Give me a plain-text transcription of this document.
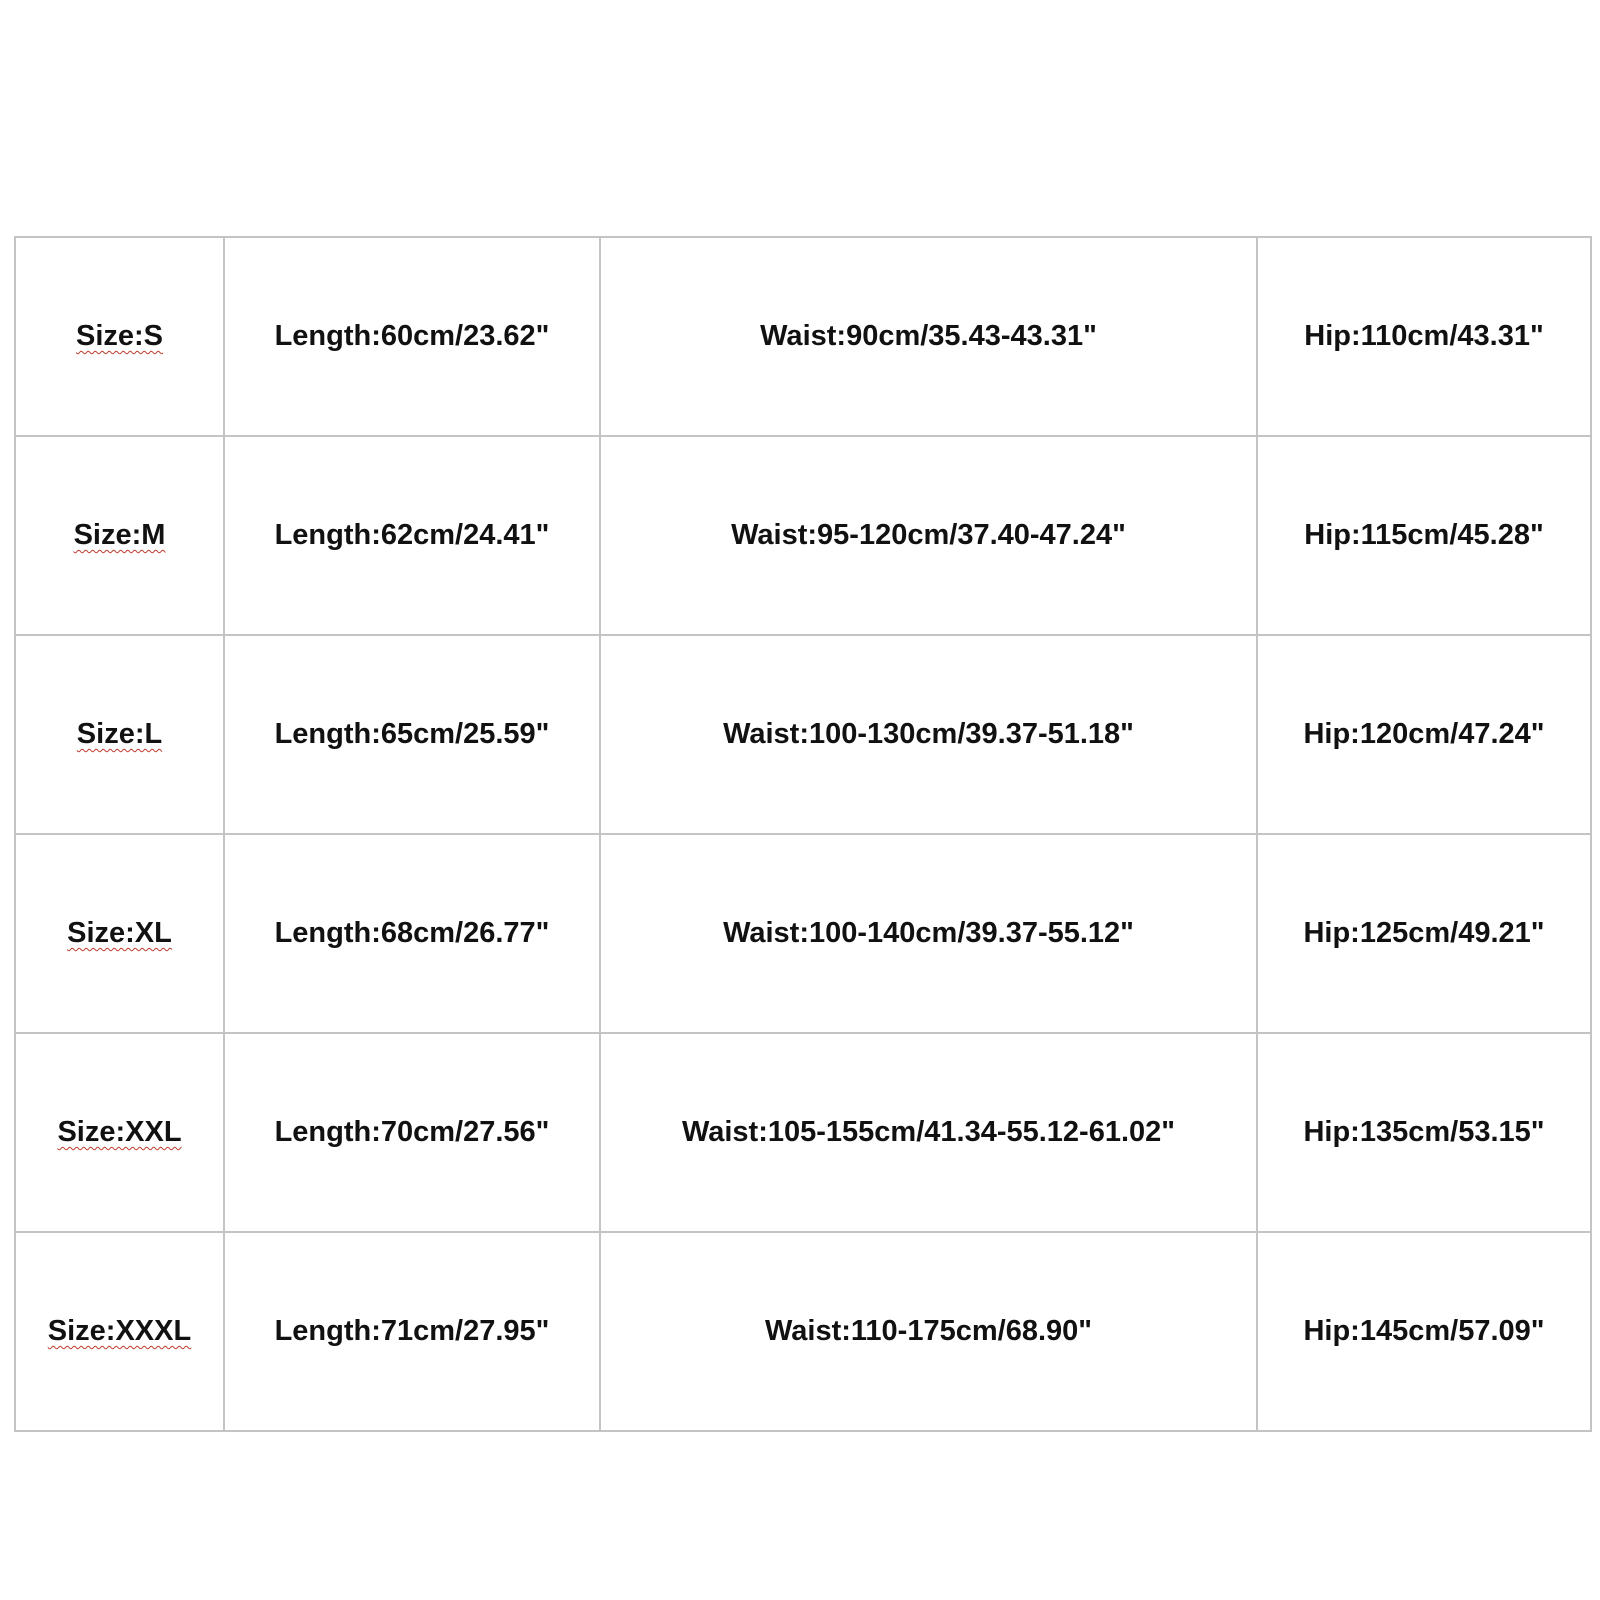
Size:S	Length:60cm/23.62"	Waist:90cm/35.43-43.31"	Hip:110cm/43.31"
Size:M	Length:62cm/24.41"	Waist:95-120cm/37.40-47.24"	Hip:115cm/45.28"
Size:L	Length:65cm/25.59"	Waist:100-130cm/39.37-51.18"	Hip:120cm/47.24"
Size:XL	Length:68cm/26.77"	Waist:100-140cm/39.37-55.12"	Hip:125cm/49.21"
Size:XXL	Length:70cm/27.56"	Waist:105-155cm/41.34-55.12-61.02"	Hip:135cm/53.15"
Size:XXXL	Length:71cm/27.95"	Waist:110-175cm/68.90"	Hip:145cm/57.09"
